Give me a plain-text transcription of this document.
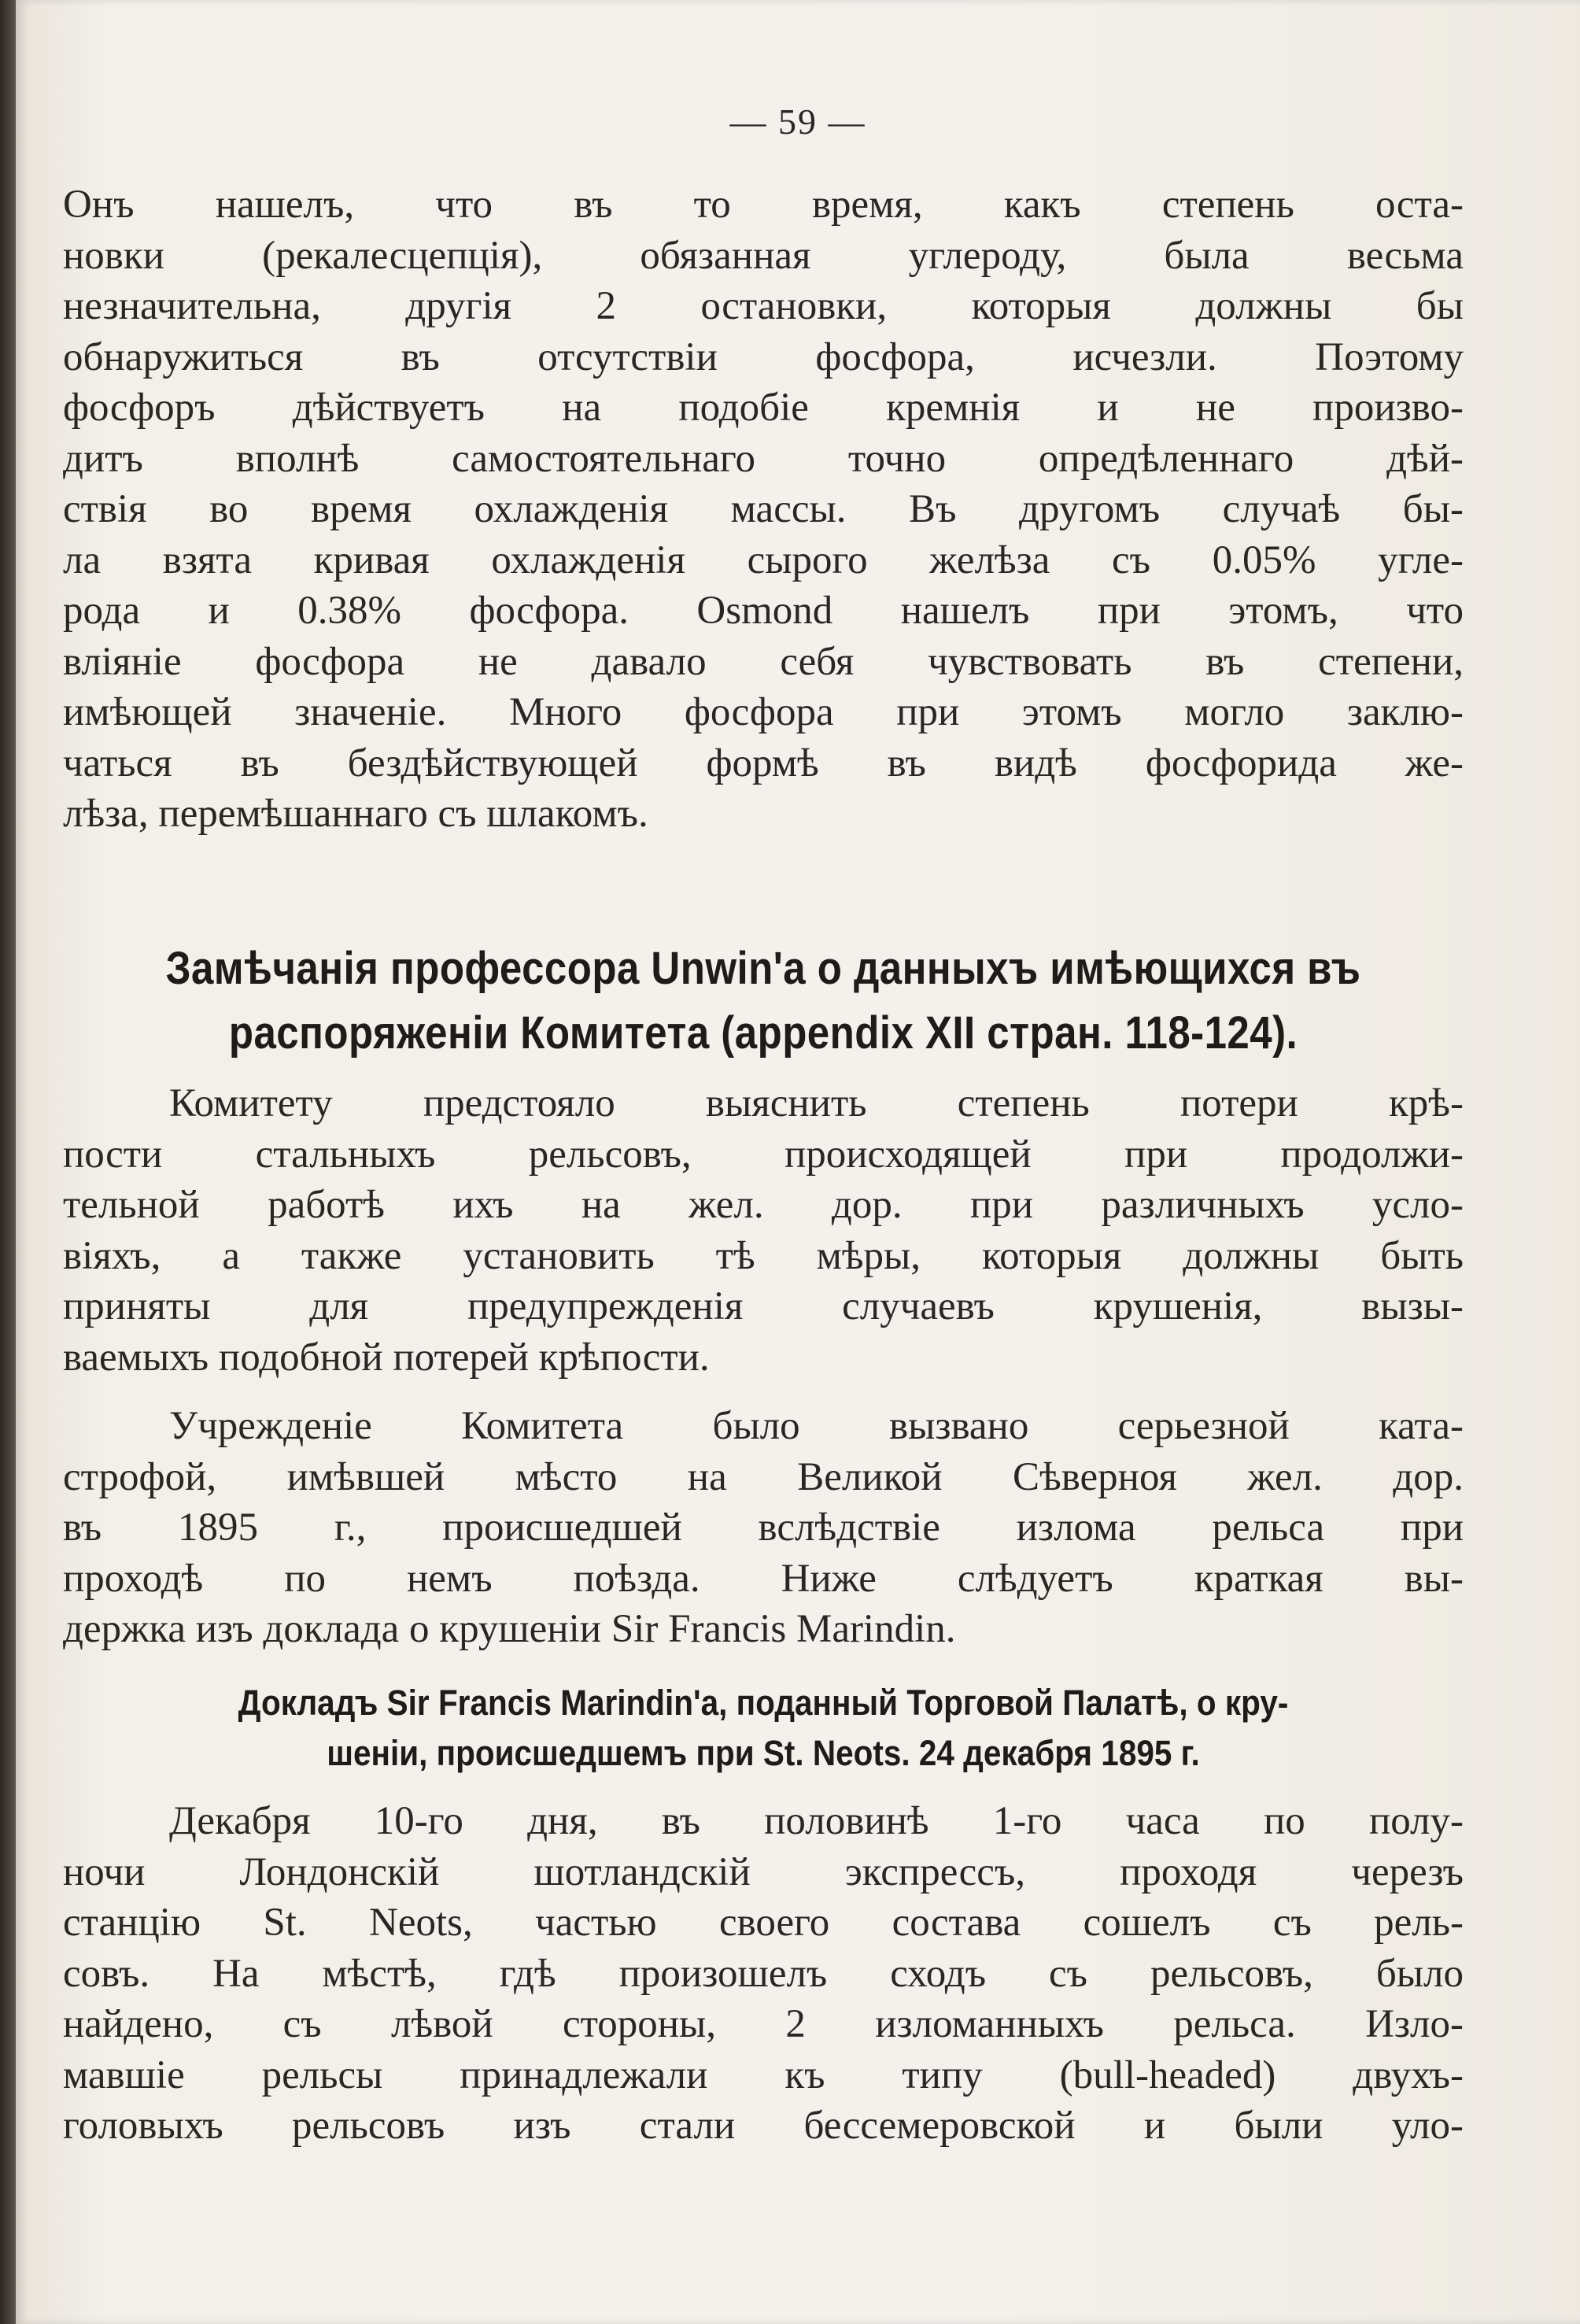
— 59 —
Онъ нашелъ, что въ то время, какъ степень оста-
новки (рекалесцепція), обязанная углероду, была весьма
незначительна, другія 2 остановки, которыя должны бы
обнаружиться въ отсутствіи фосфора, исчезли. Поэтому
фосфоръ дѣйствуетъ на подобіе кремнія и не произво-
дитъ вполнѣ самостоятельнаго точно опредѣленнаго дѣй-
ствія во время охлажденія массы. Въ другомъ случаѣ бы-
ла взята кривая охлажденія сырого желѣза съ 0.05% угле-
рода и 0.38% фосфора. Osmond нашелъ при этомъ, что
вліяніе фосфора не давало себя чувствовать въ степени,
имѣющей значеніе. Много фосфора при этомъ могло заклю-
чаться въ бездѣйствующей формѣ въ видѣ фосфорида же-
лѣза, перемѣшаннаго съ шлакомъ.
Замѣчанія профессора Unwin'а о данныхъ имѣющихся въ
распоряженіи Комитета (appendix XII стран. 118-124).
Комитету предстояло выяснить степень потери крѣ-
пости стальныхъ рельсовъ, происходящей при продолжи-
тельной работѣ ихъ на жел. дор. при различныхъ усло-
віяхъ, а также установить тѣ мѣры, которыя должны быть
приняты для предупрежденія случаевъ крушенія, вызы-
ваемыхъ подобной потерей крѣпости.
Учрежденіе Комитета было вызвано серьезной ката-
строфой, имѣвшей мѣсто на Великой Сѣверноя жел. дор.
въ 1895 г., происшедшей вслѣдствіе излома рельса при
проходѣ по немъ поѣзда. Ниже слѣдуетъ краткая вы-
держка изъ доклада о крушеніи Sir Francis Marindin.
Докладъ Sir Francis Marindin'а, поданный Торговой Палатѣ, о кру-
шеніи, происшедшемъ при St. Neots. 24 декабря 1895 г.
Декабря 10-го дня, въ половинѣ 1-го часа по полу-
ночи Лондонскій шотландскій экспрессъ, проходя черезъ
станцію St. Neots, частью своего состава сошелъ съ рель-
совъ. На мѣстѣ, гдѣ произошелъ сходъ съ рельсовъ, было
найдено, съ лѣвой стороны, 2 изломанныхъ рельса. Изло-
мавшіе рельсы принадлежали къ типу (bull-headed) двухъ-
головыхъ рельсовъ изъ стали бессемеровской и были уло-
